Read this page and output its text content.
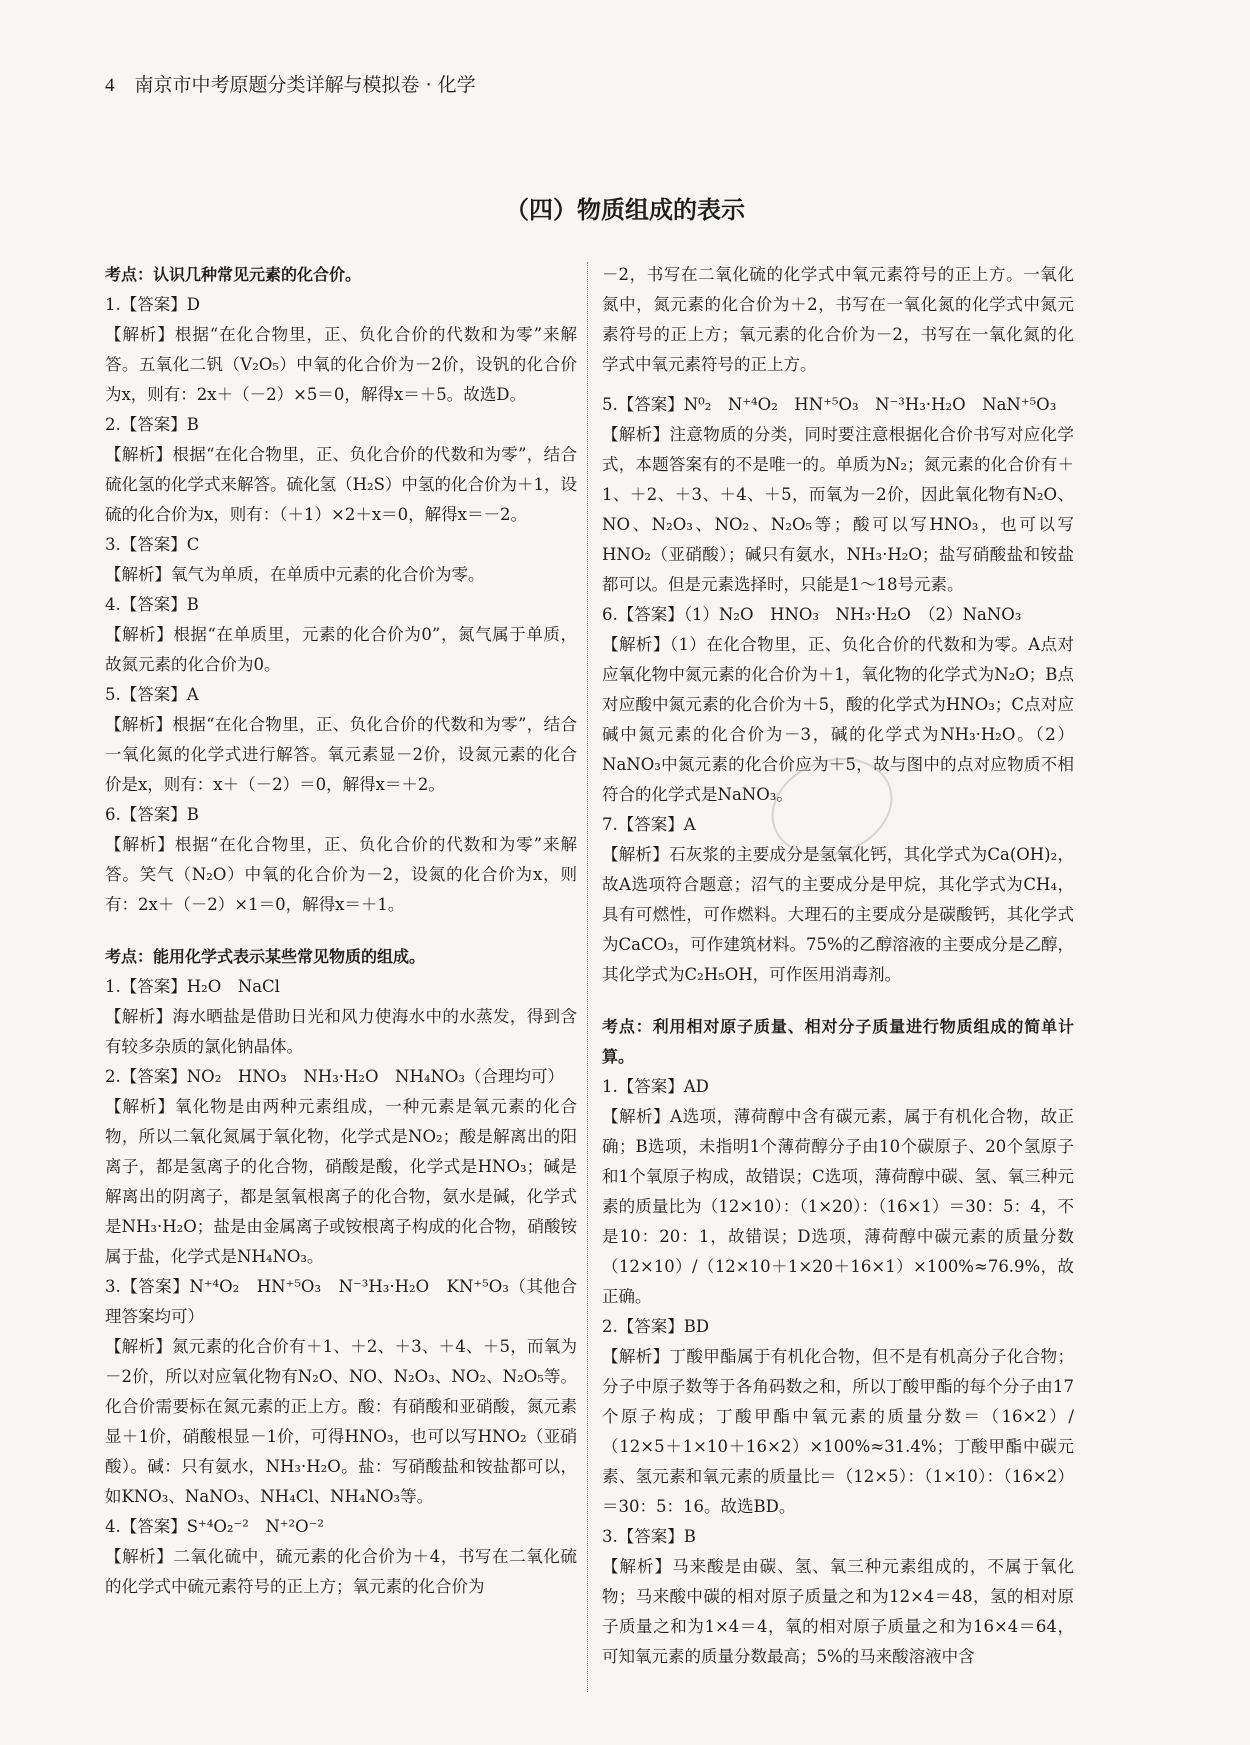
4 南京市中考原题分类详解与模拟卷 · 化学
（四）物质组成的表示

考点：认识几种常见元素的化合价。

1.【答案】D

【解析】根据“在化合物里，正、负化合价的代数和为零”来解答。五氧化二钒（V₂O₅）中氧的化合价为－2价，设钒的化合价为x，则有：2x＋（－2）×5＝0，解得x＝＋5。故选D。

2.【答案】B

【解析】根据“在化合物里，正、负化合价的代数和为零”，结合硫化氢的化学式来解答。硫化氢（H₂S）中氢的化合价为＋1，设硫的化合价为x，则有：（＋1）×2＋x＝0，解得x＝－2。

3.【答案】C

【解析】氧气为单质，在单质中元素的化合价为零。

4.【答案】B

【解析】根据“在单质里，元素的化合价为0”，氮气属于单质，故氮元素的化合价为0。

5.【答案】A

【解析】根据“在化合物里，正、负化合价的代数和为零”，结合一氧化氮的化学式进行解答。氧元素显－2价，设氮元素的化合价是x，则有：x＋（－2）＝0，解得x＝＋2。

6.【答案】B

【解析】根据“在化合物里，正、负化合价的代数和为零”来解答。笑气（N₂O）中氧的化合价为－2，设氮的化合价为x，则有：2x＋（－2）×1＝0，解得x＝＋1。

考点：能用化学式表示某些常见物质的组成。

1.【答案】H₂O　NaCl

【解析】海水晒盐是借助日光和风力使海水中的水蒸发，得到含有较多杂质的氯化钠晶体。

2.【答案】NO₂　HNO₃　NH₃·H₂O　NH₄NO₃（合理均可）

【解析】氧化物是由两种元素组成，一种元素是氧元素的化合物，所以二氧化氮属于氧化物，化学式是NO₂；酸是解离出的阳离子，都是氢离子的化合物，硝酸是酸，化学式是HNO₃；碱是解离出的阴离子，都是氢氧根离子的化合物，氨水是碱，化学式是NH₃·H₂O；盐是由金属离子或铵根离子构成的化合物，硝酸铵属于盐，化学式是NH₄NO₃。

3.【答案】N⁺⁴O₂　HN⁺⁵O₃　N⁻³H₃·H₂O　KN⁺⁵O₃（其他合理答案均可）

【解析】氮元素的化合价有＋1、＋2、＋3、＋4、＋5，而氧为－2价，所以对应氧化物有N₂O、NO、N₂O₃、NO₂、N₂O₅等。化合价需要标在氮元素的正上方。酸：有硝酸和亚硝酸，氮元素显＋1价，硝酸根显－1价，可得HNO₃，也可以写HNO₂（亚硝酸）。碱：只有氨水，NH₃·H₂O。盐：写硝酸盐和铵盐都可以，如KNO₃、NaNO₃、NH₄Cl、NH₄NO₃等。

4.【答案】S⁺⁴O₂⁻²　N⁺²O⁻²

【解析】二氧化硫中，硫元素的化合价为＋4，书写在二氧化硫的化学式中硫元素符号的正上方；氧元素的化合价为

－2，书写在二氧化硫的化学式中氧元素符号的正上方。一氧化氮中，氮元素的化合价为＋2，书写在一氧化氮的化学式中氮元素符号的正上方；氧元素的化合价为－2，书写在一氧化氮的化学式中氧元素符号的正上方。

5.【答案】N⁰₂　N⁺⁴O₂　HN⁺⁵O₃　N⁻³H₃·H₂O　NaN⁺⁵O₃

【解析】注意物质的分类，同时要注意根据化合价书写对应化学式，本题答案有的不是唯一的。单质为N₂；氮元素的化合价有＋1、＋2、＋3、＋4、＋5，而氧为－2价，因此氧化物有N₂O、NO、N₂O₃、NO₂、N₂O₅等；酸可以写HNO₃，也可以写HNO₂（亚硝酸）；碱只有氨水，NH₃·H₂O；盐写硝酸盐和铵盐都可以。但是元素选择时，只能是1～18号元素。

6.【答案】（1）N₂O　HNO₃　NH₃·H₂O　（2）NaNO₃

【解析】（1）在化合物里，正、负化合价的代数和为零。A点对应氧化物中氮元素的化合价为＋1，氧化物的化学式为N₂O；B点对应酸中氮元素的化合价为＋5，酸的化学式为HNO₃；C点对应碱中氮元素的化合价为－3，碱的化学式为NH₃·H₂O。（2）NaNO₃中氮元素的化合价应为＋5，故与图中的点对应物质不相符合的化学式是NaNO₃。

7.【答案】A

【解析】石灰浆的主要成分是氢氧化钙，其化学式为Ca(OH)₂，故A选项符合题意；沼气的主要成分是甲烷，其化学式为CH₄，具有可燃性，可作燃料。大理石的主要成分是碳酸钙，其化学式为CaCO₃，可作建筑材料。75%的乙醇溶液的主要成分是乙醇，其化学式为C₂H₅OH，可作医用消毒剂。

考点：利用相对原子质量、相对分子质量进行物质组成的简单计算。

1.【答案】AD

【解析】A选项，薄荷醇中含有碳元素，属于有机化合物，故正确；B选项，未指明1个薄荷醇分子由10个碳原子、20个氢原子和1个氧原子构成，故错误；C选项，薄荷醇中碳、氢、氧三种元素的质量比为（12×10）：（1×20）：（16×1）＝30：5：4，不是10：20：1，故错误；D选项，薄荷醇中碳元素的质量分数（12×10）/（12×10＋1×20＋16×1）×100%≈76.9%，故正确。

2.【答案】BD

【解析】丁酸甲酯属于有机化合物，但不是有机高分子化合物；分子中原子数等于各角码数之和，所以丁酸甲酯的每个分子由17个原子构成；丁酸甲酯中氧元素的质量分数＝（16×2）/（12×5＋1×10＋16×2）×100%≈31.4%；丁酸甲酯中碳元素、氢元素和氧元素的质量比＝（12×5）：（1×10）：（16×2）＝30：5：16。故选BD。

3.【答案】B

【解析】马来酸是由碳、氢、氧三种元素组成的，不属于氧化物；马来酸中碳的相对原子质量之和为12×4＝48，氢的相对原子质量之和为1×4＝4，氧的相对原子质量之和为16×4＝64，可知氧元素的质量分数最高；5%的马来酸溶液中含
